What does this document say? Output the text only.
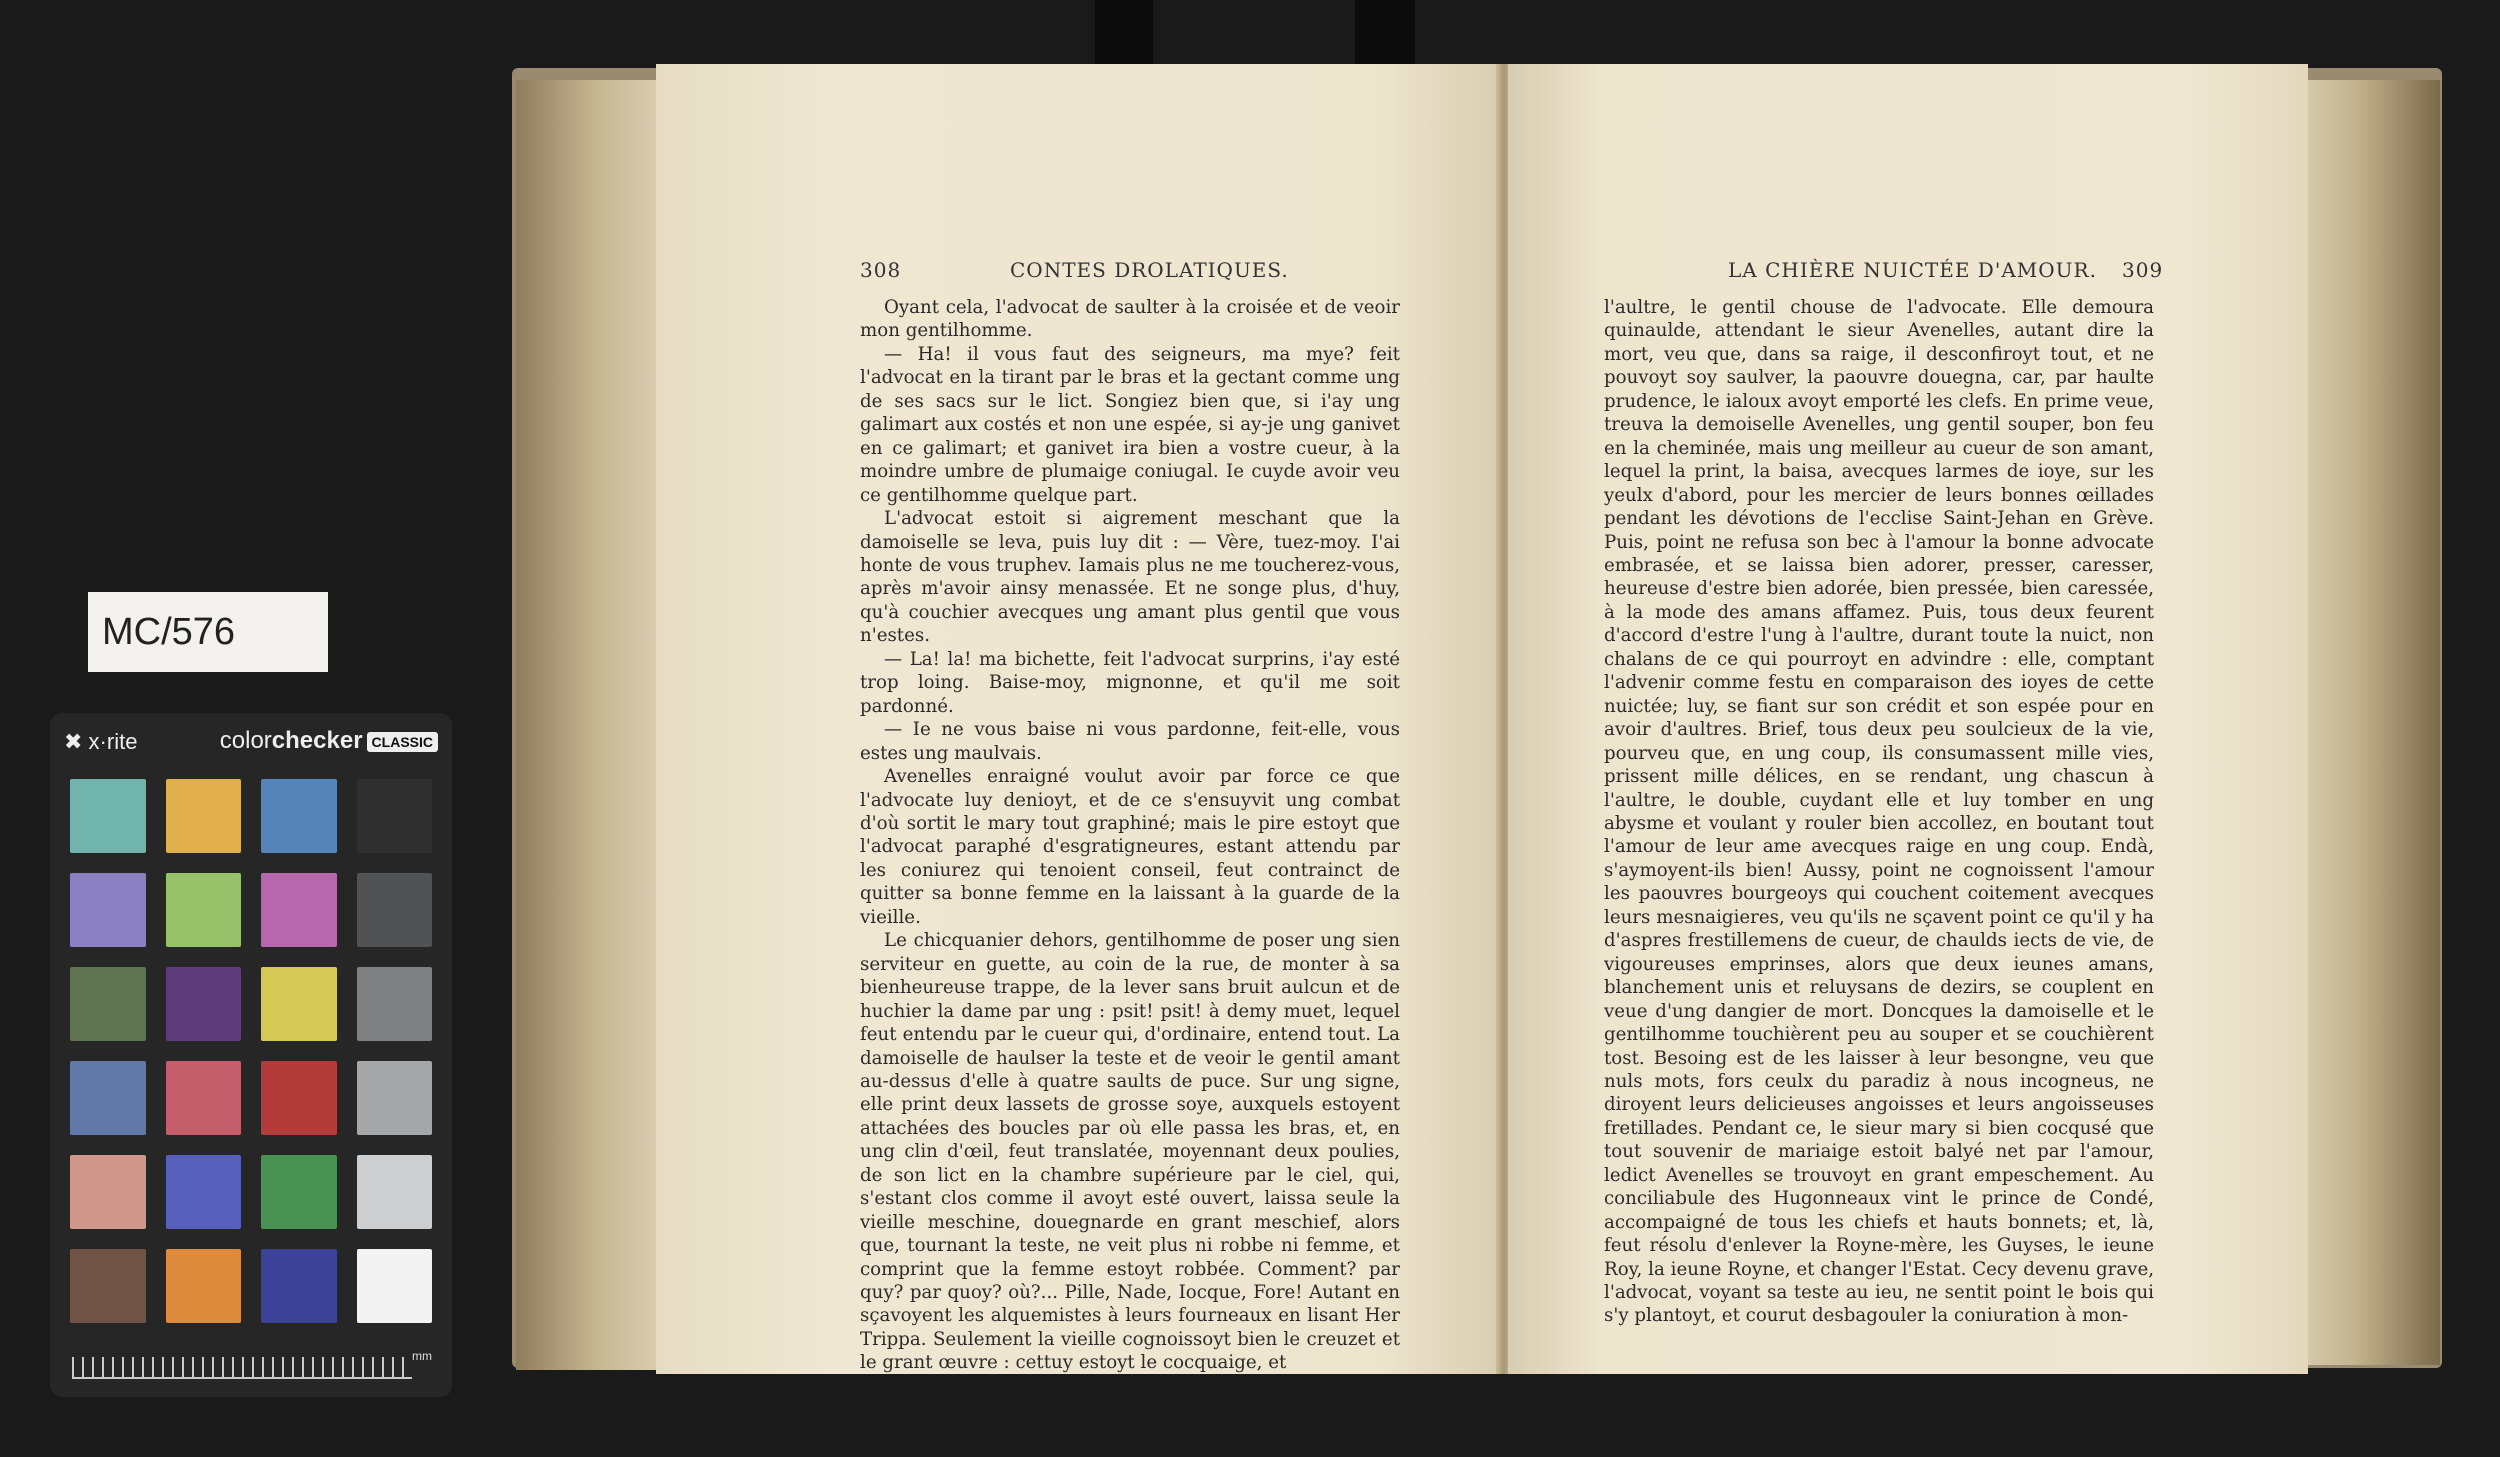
MC/576
✖ x·rite	colorchecker CLASSIC
mm
308	CONTES DROLATIQUES.

Oyant cela, l'advocat de saulter à la croisée et de veoir mon gentilhomme.

— Ha! il vous faut des seigneurs, ma mye? feit l'advocat en la tirant par le bras et la gectant comme ung de ses sacs sur le lict. Songiez bien que, si i'ay ung galimart aux costés et non une espée, si ay-je ung ganivet en ce galimart; et ganivet ira bien a vostre cueur, à la moindre umbre de plumaige coniugal. Ie cuyde avoir veu ce gentilhomme quelque part.

L'advocat estoit si aigrement meschant que la damoiselle se leva, puis luy dit : — Vère, tuez-moy. I'ai honte de vous truphev. Iamais plus ne me toucherez-vous, après m'avoir ainsy menassée. Et ne songe plus, d'huy, qu'à couchier avecques ung amant plus gentil que vous n'estes.

— La! la! ma bichette, feit l'advocat surprins, i'ay esté trop loing. Baise-moy, mignonne, et qu'il me soit pardonné.

— Ie ne vous baise ni vous pardonne, feit-elle, vous estes ung maulvais.

Avenelles enraigné voulut avoir par force ce que l'advocate luy denioyt, et de ce s'ensuyvit ung combat d'où sortit le mary tout graphiné; mais le pire estoyt que l'advocat paraphé d'esgratigneures, estant attendu par les coniurez qui tenoient conseil, feut contrainct de quitter sa bonne femme en la laissant à la guarde de la vieille.

Le chicquanier dehors, gentilhomme de poser ung sien serviteur en guette, au coin de la rue, de monter à sa bienheureuse trappe, de la lever sans bruit aulcun et de huchier la dame par ung : psit! psit! à demy muet, lequel feut entendu par le cueur qui, d'ordinaire, entend tout. La damoiselle de haulser la teste et de veoir le gentil amant au-dessus d'elle à quatre saults de puce. Sur ung signe, elle print deux lassets de grosse soye, auxquels estoyent attachées des boucles par où elle passa les bras, et, en ung clin d'œil, feut translatée, moyennant deux poulies, de son lict en la chambre supérieure par le ciel, qui, s'estant clos comme il avoyt esté ouvert, laissa seule la vieille meschine, douegnarde en grant meschief, alors que, tournant la teste, ne veit plus ni robbe ni femme, et comprint que la femme estoyt robbée. Comment? par quy? par quoy? où?... Pille, Nade, Iocque, Fore! Autant en sçavoyent les alquemistes à leurs fourneaux en lisant Her Trippa. Seulement la vieille cognoissoyt bien le creuzet et le grant œuvre : cettuy estoyt le cocquaige, et

LA CHIÈRE NUICTÉE D'AMOUR. 309

l'aultre, le gentil chouse de l'advocate. Elle demoura quinaulde, attendant le sieur Avenelles, autant dire la mort, veu que, dans sa raige, il desconfiroyt tout, et ne pouvoyt soy saulver, la paouvre douegna, car, par haulte prudence, le ialoux avoyt emporté les clefs. En prime veue, treuva la demoiselle Avenelles, ung gentil souper, bon feu en la cheminée, mais ung meilleur au cueur de son amant, lequel la print, la baisa, avecques larmes de ioye, sur les yeulx d'abord, pour les mercier de leurs bonnes œillades pendant les dévotions de l'ecclise Saint-Jehan en Grève. Puis, point ne refusa son bec à l'amour la bonne advocate embrasée, et se laissa bien adorer, presser, caresser, heureuse d'estre bien adorée, bien pressée, bien caressée, à la mode des amans affamez. Puis, tous deux feurent d'accord d'estre l'ung à l'aultre, durant toute la nuict, non chalans de ce qui pourroyt en advindre : elle, comptant l'advenir comme festu en comparaison des ioyes de cette nuictée; luy, se fiant sur son crédit et son espée pour en avoir d'aultres. Brief, tous deux peu soulcieux de la vie, pourveu que, en ung coup, ils consumassent mille vies, prissent mille délices, en se rendant, ung chascun à l'aultre, le double, cuydant elle et luy tomber en ung abysme et voulant y rouler bien accollez, en boutant tout l'amour de leur ame avecques raige en ung coup. Endà, s'aymoyent-ils bien! Aussy, point ne cognoissent l'amour les paouvres bourgeoys qui couchent coitement avecques leurs mesnaigieres, veu qu'ils ne sçavent point ce qu'il y ha d'aspres frestillemens de cueur, de chaulds iects de vie, de vigoureuses emprinses, alors que deux ieunes amans, blanchement unis et reluysans de dezirs, se couplent en veue d'ung dangier de mort. Doncques la damoiselle et le gentilhomme touchièrent peu au souper et se couchièrent tost. Besoing est de les laisser à leur besongne, veu que nuls mots, fors ceulx du paradiz à nous incogneus, ne diroyent leurs delicieuses angoisses et leurs angoisseuses fretillades. Pendant ce, le sieur mary si bien cocqusé que tout souvenir de mariaige estoit balyé net par l'amour, ledict Avenelles se trouvoyt en grant empeschement. Au conciliabule des Hugonneaux vint le prince de Condé, accompaigné de tous les chiefs et hauts bonnets; et, là, feut résolu d'enlever la Royne-mère, les Guyses, le ieune Roy, la ieune Royne, et changer l'Estat. Cecy devenu grave, l'advocat, voyant sa teste au ieu, ne sentit point le bois qui s'y plantoyt, et courut desbagouler la coniuration à mon-
